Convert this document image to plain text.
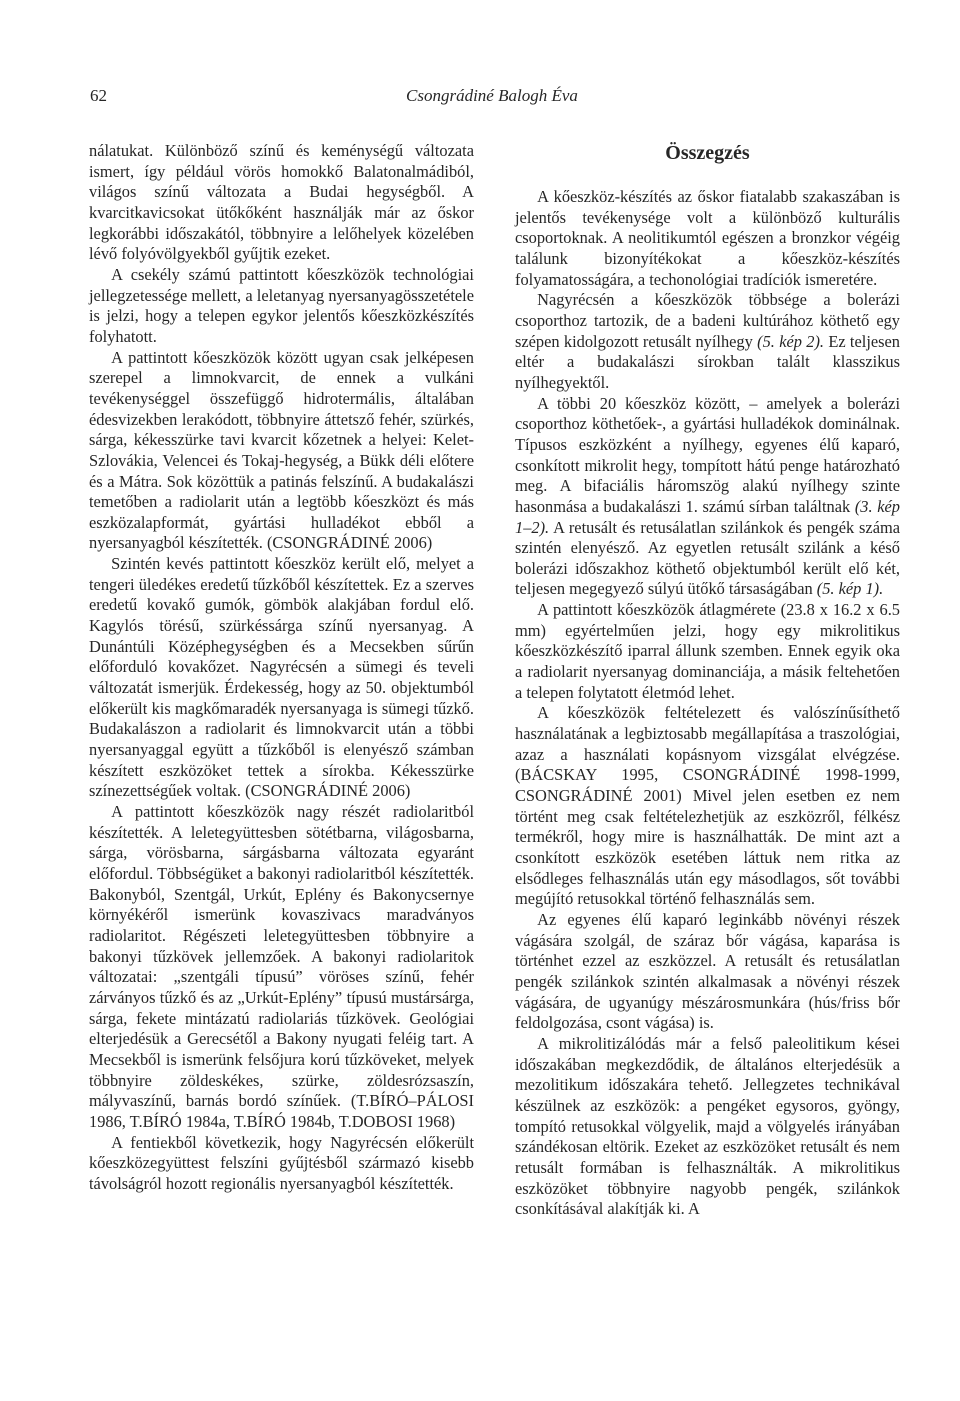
62	Csongrádiné Balogh Éva

nálatukat. Különböző színű és keménységű változata ismert, így például vörös homokkő Balatonalmádiból, világos színű változata a Budai hegységből. A kvarcitkavicsokat ütőkőként használják már az őskor legkorábbi időszakától, többnyire a lelőhelyek közelében lévő folyóvölgyekből gyűjtik ezeket.

A csekély számú pattintott kőeszközök technológiai jellegzetessége mellett, a leletanyag nyersanyagösszetétele is jelzi, hogy a telepen egykor jelentős kőeszközkészítés folyhatott.

A pattintott kőeszközök között ugyan csak jelképesen szerepel a limnokvarcit, de ennek a vulkáni tevékenységgel összefüggő hidrotermális, általában édesvizekben lerakódott, többnyire áttetsző fehér, szürkés, sárga, kékesszürke tavi kvarcit kőzetnek a helyei: Kelet-Szlovákia, Velencei és Tokaj-hegység, a Bükk déli előtere és a Mátra. Sok közöttük a patinás felszínű. A budakalászi temetőben a radiolarit után a legtöbb kőeszközt és más eszközalapformát, gyártási hulladékot ebből a nyersanyagból készítették. (CSONGRÁDINÉ 2006)

Szintén kevés pattintott kőeszköz került elő, melyet a tengeri üledékes eredetű tűzkőből készítettek. Ez a szerves eredetű kovakő gumók, gömbök alakjában fordul elő. Kagylós törésű, szürkéssárga színű nyersanyag. A Dunántúli Középhegységben és a Mecsekben sűrűn előforduló kovakőzet. Nagyrécsén a sümegi és teveli változatát ismerjük. Érdekesség, hogy az 50. objektumból előkerült kis magkőmaradék nyersanyaga is sümegi tűzkő. Budakalászon a radiolarit és limnokvarcit után a többi nyersanyaggal együtt a tűzkőből is elenyésző számban készített eszközöket tettek a sírokba. Kékesszürke színezettségűek voltak. (CSONGRÁDINÉ 2006)

A pattintott kőeszközök nagy részét radiolaritból készítették. A leletegyüttesben sötétbarna, világosbarna, sárga, vörösbarna, sárgásbarna változata egyaránt előfordul. Többségüket a bakonyi radiolaritból készítették. Bakonyból, Szentgál, Urkút, Eplény és Bakonycsernye környékéről ismerünk kovaszivacs maradványos radiolaritot. Régészeti leletegyüttesben többnyire a bakonyi tűzkövek jellemzőek. A bakonyi radiolaritok változatai: „szentgáli típusú” vöröses színű, fehér zárványos tűzkő és az „Urkút-Eplény” típusú mustársárga, sárga, fekete mintázatú radiolariás tűzkövek. Geológiai elterjedésük a Gerecsétől a Bakony nyugati feléig tart. A Mecsekből is ismerünk felsőjura korú tűzköveket, melyek többnyire zöldeskékes, szürke, zöldesrózsaszín, mályvaszínű, barnás bordó színűek. (T.BÍRÓ–PÁLOSI 1986, T.BÍRÓ 1984a, T.BÍRÓ 1984b, T.DOBOSI 1968)

A fentiekből következik, hogy Nagyrécsén előkerült kőeszközegyüttest felszíni gyűjtésből származó kisebb távolságról hozott regionális nyersanyagból készítették.

Összegzés

A kőeszköz-készítés az őskor fiatalabb szakaszában is jelentős tevékenysége volt a különböző kulturális csoportoknak. A neolitikumtól egészen a bronzkor végéig találunk bizonyítékokat a kőeszköz-készítés folyamatosságára, a techonológiai tradíciók ismeretére.

Nagyrécsén a kőeszközök többsége a bolerázi csoporthoz tartozik, de a badeni kultúrához köthető egy szépen kidolgozott retusált nyílhegy (5. kép 2). Ez teljesen eltér a budakalászi sírokban talált klasszikus nyílhegyektől.

A többi 20 kőeszköz között, – amelyek a bolerázi csoporthoz köthetőek-, a gyártási hulladékok dominálnak. Típusos eszközként a nyílhegy, egyenes élű kaparó, csonkított mikrolit hegy, tompított hátú penge határozható meg. A bifaciális háromszög alakú nyílhegy szinte hasonmása a budakalászi 1. számú sírban találtnak (3. kép 1–2). A retusált és retusálatlan szilánkok és pengék száma szintén elenyésző. Az egyetlen retusált szilánk a késő bolerázi időszakhoz köthető objektumból került elő két, teljesen megegyező súlyú ütőkő társaságában (5. kép 1).

A pattintott kőeszközök átlagmérete (23.8 x 16.2 x 6.5 mm) egyértelműen jelzi, hogy egy mikrolitikus kőeszközkészítő iparral állunk szemben. Ennek egyik oka a radiolarit nyersanyag dominanciája, a másik feltehetően a telepen folytatott életmód lehet.

A kőeszközök feltételezett és valószínűsíthető használatának a legbiztosabb megállapítása a traszológiai, azaz a használati kopásnyom vizsgálat elvégzése. (BÁCSKAY 1995, CSONGRÁDINÉ 1998-1999, CSONGRÁDINÉ 2001) Mivel jelen esetben ez nem történt meg csak feltételezhetjük az eszközről, félkész termékről, hogy mire is használhatták. De mint azt a csonkított eszközök esetében láttuk nem ritka az elsődleges felhasználás után egy másodlagos, sőt további megújító retusokkal történő felhasználás sem.

Az egyenes élű kaparó leginkább növényi részek vágására szolgál, de száraz bőr vágása, kaparása is történhet ezzel az eszközzel. A retusált és retusálatlan pengék szilánkok szintén alkalmasak a növényi részek vágására, de ugyanúgy mészárosmunkára (hús/friss bőr feldolgozása, csont vágása) is.

A mikrolitizálódás már a felső paleolitikum kései időszakában megkezdődik, de általános elterjedésük a mezolitikum időszakára tehető. Jellegzetes technikával készülnek az eszközök: a pengéket egysoros, gyöngy, tompító retusokkal völgyelik, majd a völgyelés irányában szándékosan eltörik. Ezeket az eszközöket retusált és nem retusált formában is felhasználták. A mikrolitikus eszközöket többnyire nagyobb pengék, szilánkok csonkításával alakítják ki. A
